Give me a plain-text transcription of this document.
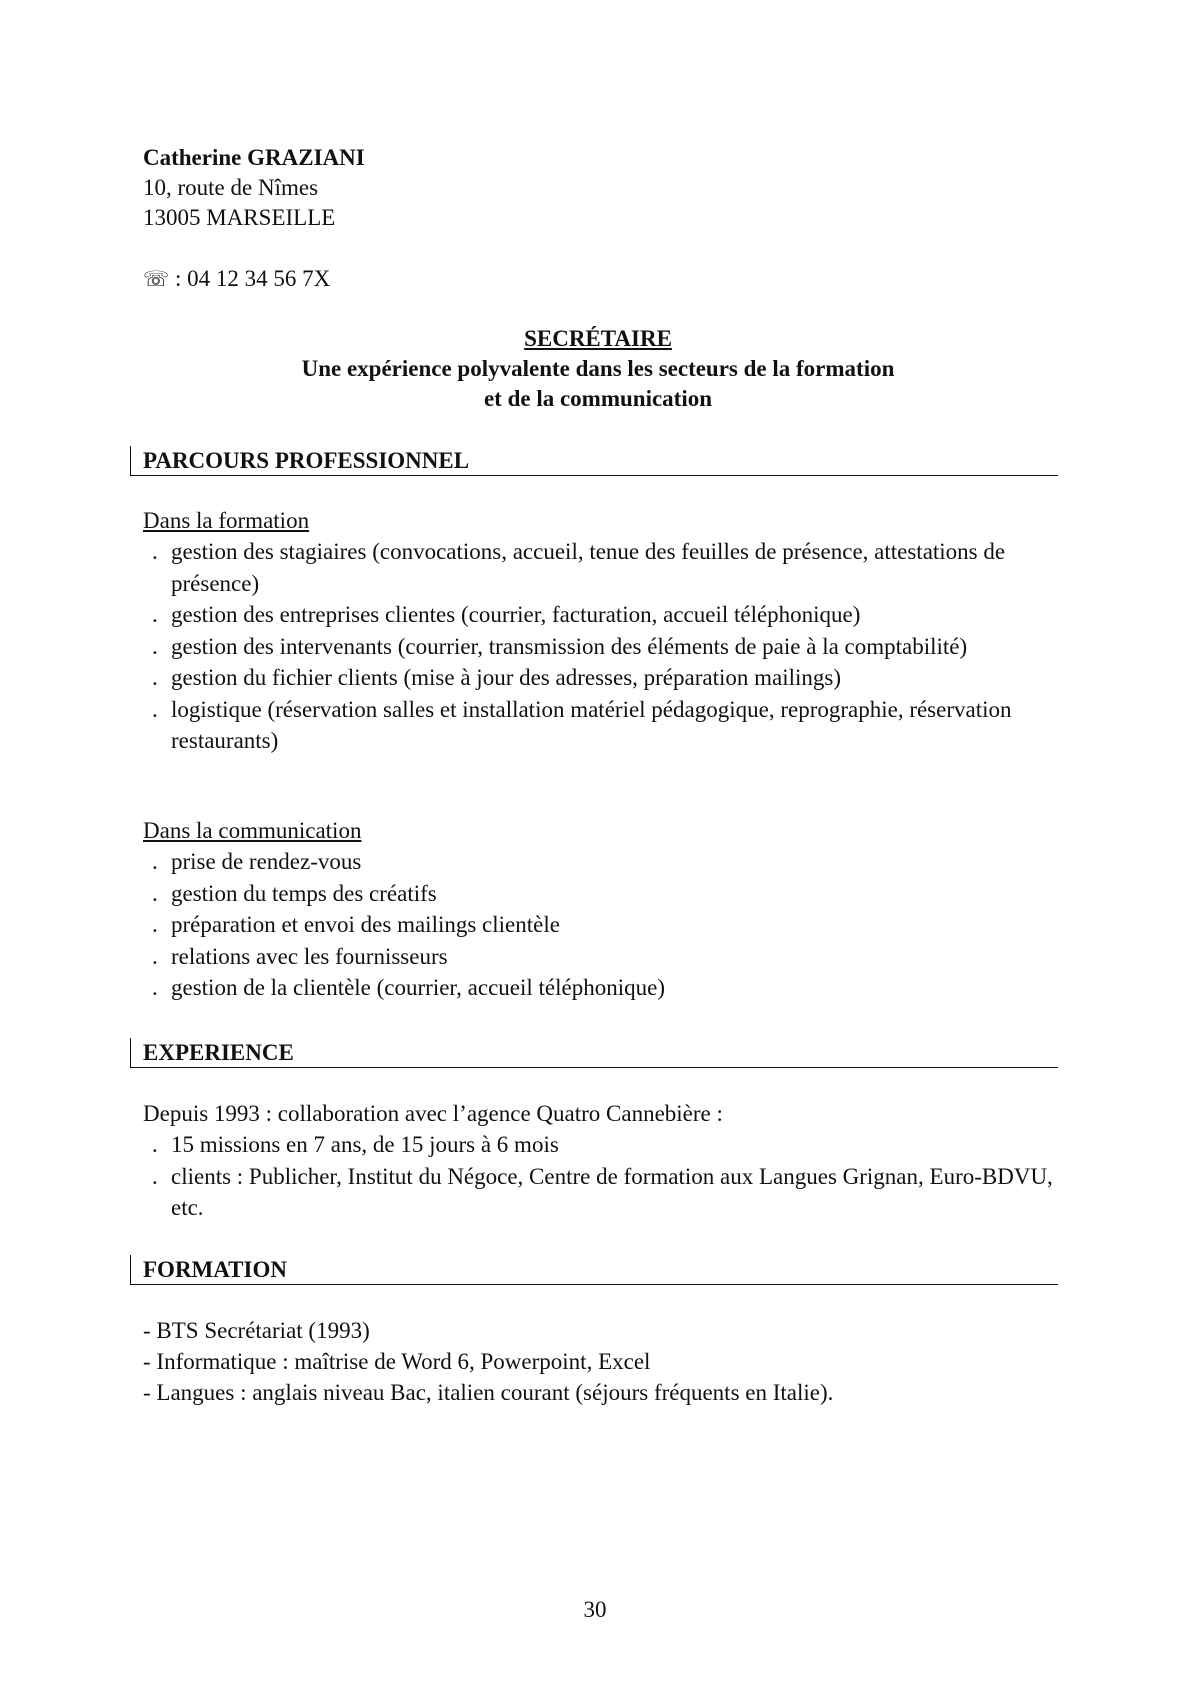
Catherine GRAZIANI
10, route de Nîmes
13005 MARSEILLE
☏ : 04 12 34 56 7X
SECRÉTAIRE
Une expérience polyvalente dans les secteurs de la formation
et de la communication
PARCOURS PROFESSIONNEL
Dans la formation
. gestion des stagiaires (convocations, accueil, tenue des feuilles de présence, attestations de présence)
. gestion des entreprises clientes (courrier, facturation, accueil téléphonique)
. gestion des intervenants (courrier, transmission des éléments de paie à la comptabilité)
. gestion du fichier clients (mise à jour des adresses, préparation mailings)
. logistique (réservation salles et installation matériel pédagogique, reprographie, réservation restaurants)
Dans la communication
. prise de rendez-vous
. gestion du temps des créatifs
. préparation et envoi des mailings clientèle
. relations avec les fournisseurs
. gestion de la clientèle (courrier, accueil téléphonique)
EXPERIENCE
Depuis 1993 : collaboration avec l’agence Quatro Cannebière :
. 15 missions en 7 ans, de 15 jours à 6 mois
. clients : Publicher, Institut du Négoce, Centre de formation aux Langues Grignan, Euro-BDVU, etc.
FORMATION
- BTS Secrétariat (1993)
- Informatique : maîtrise de Word 6, Powerpoint, Excel
- Langues : anglais niveau Bac, italien courant (séjours fréquents en Italie).
30
